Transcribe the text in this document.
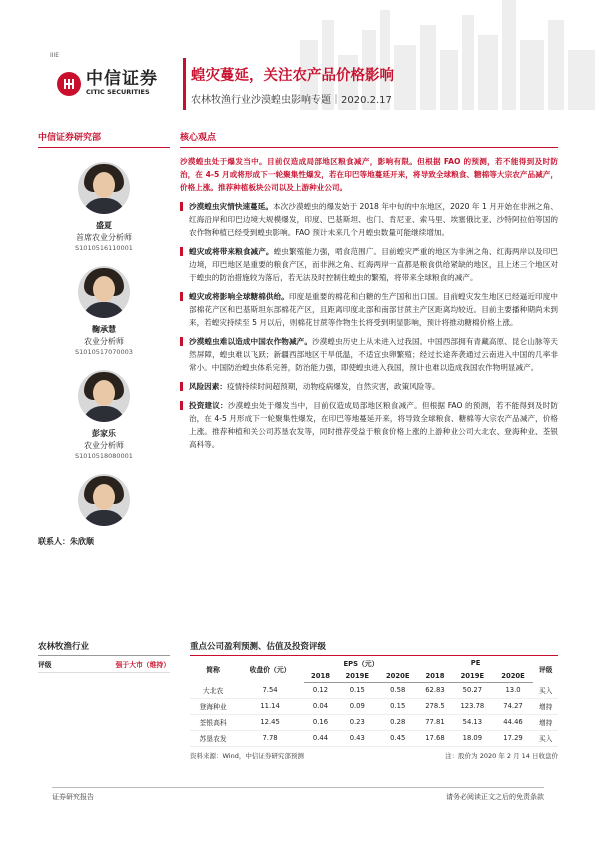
IIIE
中信证券
CITIC SECURITIES
蝗灾蔓延，关注农产品价格影响
农林牧渔行业沙漠蝗虫影响专题｜2020.2.17
中信证券研究部
盛夏
首席农业分析师
S1010516110001
鞠承慧
农业分析师
S1010517070003
彭家乐
农业分析师
S1010518080001
联系人：朱欣顺
核心观点
沙漠蝗虫处于爆发当中。目前仅造成局部地区粮食减产，影响有限。但根据 FAO 的预测，若不能得到及时防治，在 4-5 月或将形成下一轮聚集性爆发，若在印巴等地蔓延开来，将导致全球粮食、糖棉等大宗农产品减产，价格上涨。推荐种植板块公司以及上游种业公司。
沙漠蝗虫灾情快速蔓延。本次沙漠蝗虫的爆发始于 2018 年中旬的中东地区，2020 年 1 月开始在非洲之角、红海沿岸和印巴边境大规模爆发，印度、巴基斯坦、也门、肯尼亚、索马里、埃塞俄比亚、沙特阿拉伯等国的农作物种植已经受到蝗虫影响。FAO 预计未来几个月蝗虫数量可能继续增加。
蝗灾或将带来粮食减产。蝗虫繁殖能力强，啃食范围广。目前蝗灾严重的地区为非洲之角、红海两岸以及印巴边境，印巴地区是重要的粮食产区，而非洲之角、红海两岸一直都是粮食供给紧缺的地区，且上述三个地区对于蝗虫的防治措施较为落后，若无法及时控制住蝗虫的繁殖，将带来全球粮食的减产。
蝗灾或将影响全球糖棉供给。印度是重要的棉花和白糖的生产国和出口国。目前蝗灾发生地区已经逼近印度中部棉花产区和巴基斯坦东部棉花产区，且距离印度北部和南部甘蔗主产区距离均较近。目前主要播种期尚未到来，若蝗灾持续至 5 月以后，则棉花甘蔗等作物生长将受到明显影响，预计将推动糖棉价格上涨。
沙漠蝗虫难以造成中国农作物减产。沙漠蝗虫历史上从未进入过我国。中国西部拥有青藏高原、昆仑山脉等天然屏障，蝗虫难以飞跃；新疆西部地区干旱低温，不适宜虫卵繁殖；经过长途奔袭通过云南进入中国的几率非常小。中国防治蝗虫体系完善，防治能力强，即使蝗虫进入我国，预计也难以造成我国农作物明显减产。
风险因素：疫情持续时间超预期，动物疫病爆发，自然灾害，政策风险等。
投资建议：沙漠蝗虫处于爆发当中，目前仅造成局部地区粮食减产。但根据 FAO 的预测，若不能得到及时防治，在 4-5 月形成下一轮聚集性爆发，在印巴等地蔓延开来，将导致全球粮食、糖棉等大宗农产品减产，价格上涨。推荐种植和关公司苏垦农发等，同时推荐受益于粮食价格上涨的上游种业公司大北农、登海种业、荃银高科等。
农林牧渔行业
评级	强于大市（维持）
重点公司盈利预测、估值及投资评级
简称	收盘价（元）	EPS（元）			PE			评级
		2018	2019E	2020E	2018	2019E	2020E	
大北农	7.54	0.12	0.15	0.58	62.83	50.27	13.0	买入
登海种业	11.14	0.04	0.09	0.15	278.5	123.78	74.27	增持
荃银高科	12.45	0.16	0.23	0.28	77.81	54.13	44.46	增持
苏垦农发	7.78	0.44	0.43	0.45	17.68	18.09	17.29	买入
资料来源：Wind，中信证券研究部预测	注：股价为 2020 年 2 月 14 日收盘价
证券研究报告	请务必阅读正文之后的免责条款
